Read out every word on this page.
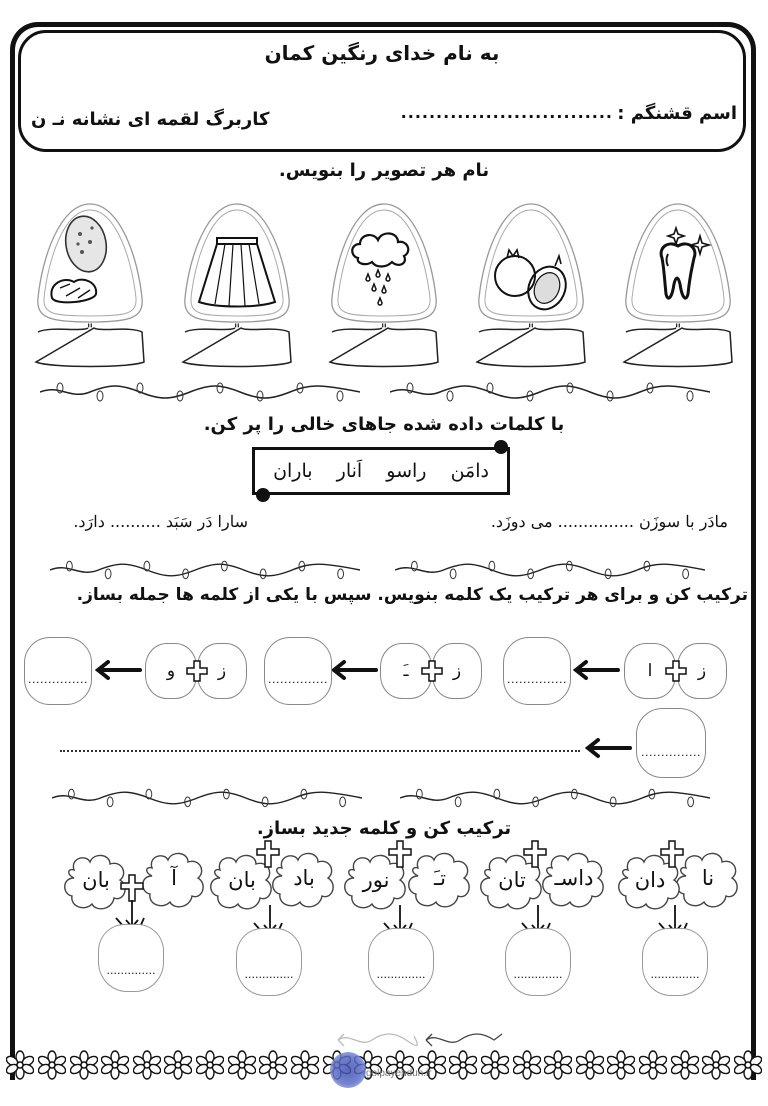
به نام خدای رنگین کمان
اسم قشنگم :
..............................
کاربرگ لقمه ای نشانه نـ ن
نام هر تصویر را بنویس.
"
"
"
"
"
با کلمات داده شده جاهای خالی را پر کن.
دامَن
راسو
اَنار
باران
مادَر با سوزَن ............... می دوزَد.
سارا دَر سَبَد .......... دارَد.
ترکیب کن و برای هر ترکیب یک کلمه بنویس. سپس با یکی از کلمه ها جمله بساز.
ز
ا
...............
ز
ـَ
...............
ز
و
...............
...............
ترکیب کن و کلمه جدید بساز.
نا
دان
..............
داسـ
تان
..............
تـَ
نور
..............
باد
بان
..............
آ
بان
..............
golpayehdun.ir
